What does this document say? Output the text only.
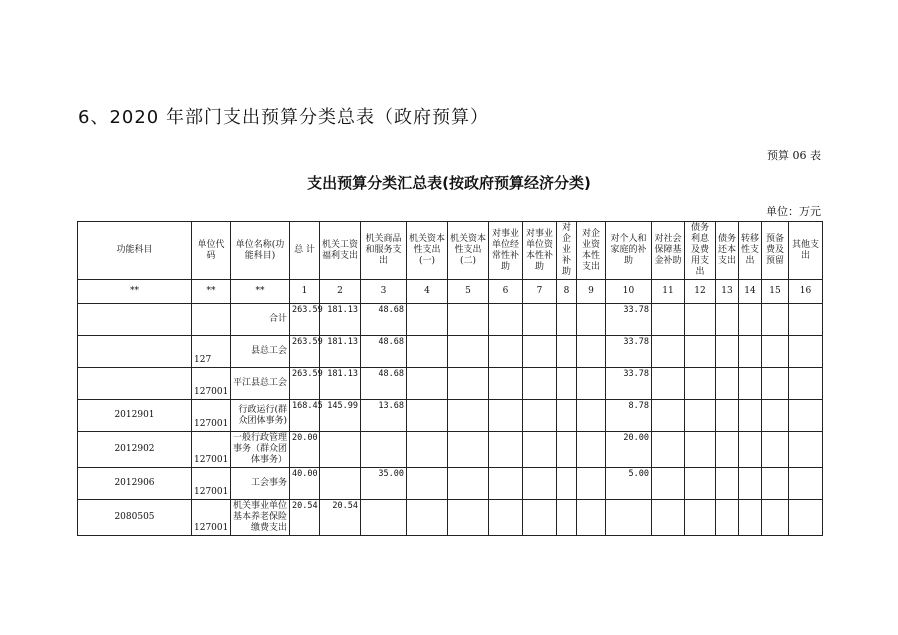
6、2020 年部门支出预算分类总表（政府预算）
预算 06 表
支出预算分类汇总表(按政府预算经济分类)
单位：万元
功能科目	单位代码	单位名称(功能科目)	总 计	机关工资福利支出	机关商品和服务支出	机关资本性支出(一)	机关资本性支出(二)	对事业单位经常性补助	对事业单位资本性补助	对企业补助	对企业资本性支出	对个人和家庭的补助	对社会保障基金补助	债务利息及费用支出	债务还本支出	转移性支出	预备费及预留	其他支出
**	**	**	1	2	3	4	5	6	7	8	9	10	11	12	13	14	15	16
		合计	263.59	181.13	48.68							33.78						
	127	县总工会	263.59	181.13	48.68							33.78						
	127001	平江县总工会	263.59	181.13	48.68							33.78						
2012901	127001	行政运行(群众团体事务)	168.45	145.99	13.68							8.78						
2012902	127001	一般行政管理事务（群众团体事务）	20.00									20.00						
2012906	127001	工会事务	40.00		35.00							5.00						
2080505	127001	机关事业单位基本养老保险缴费支出	20.54	20.54														
